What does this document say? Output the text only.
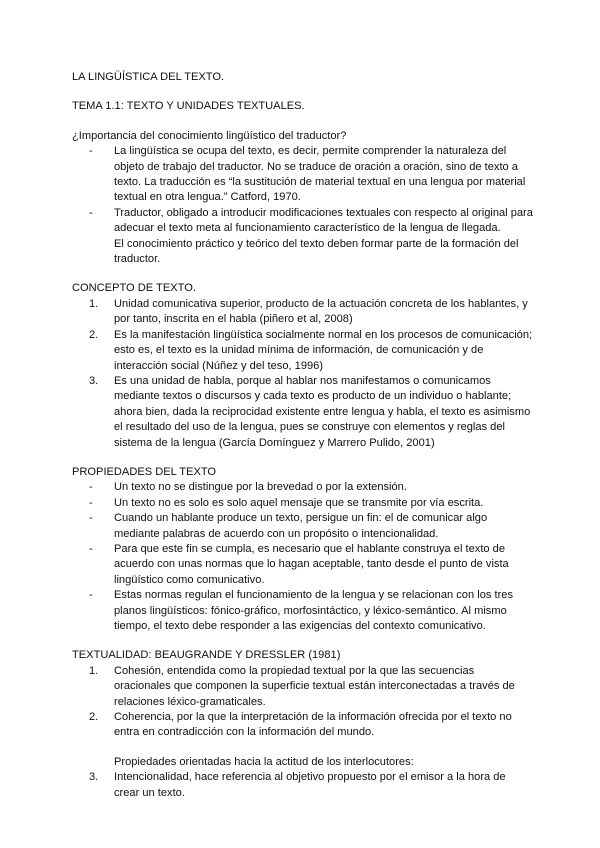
LA LINGÜÍSTICA DEL TEXTO.

TEMA 1.1: TEXTO Y UNIDADES TEXTUALES.

¿Importancia del conocimiento lingüístico del traductor?

- La lingüística se ocupa del texto, es decir, permite comprender la naturaleza del

objeto de trabajo del traductor. No se traduce de oración a oración, sino de texto a

texto. La traducción es “la sustitución de material textual en una lengua por material

textual en otra lengua.” Catford, 1970.

- Traductor, obligado a introducir modificaciones textuales con respecto al original para

adecuar el texto meta al funcionamiento característico de la lengua de llegada.

El conocimiento práctico y teórico del texto deben formar parte de la formación del

traductor.

CONCEPTO DE TEXTO.

1. Unidad comunicativa superior, producto de la actuación concreta de los hablantes, y

por tanto, inscrita en el habla (piñero et al, 2008)

2. Es la manifestación lingüística socialmente normal en los procesos de comunicación;

esto es, el texto es la unidad mínima de información, de comunicación y de

interacción social (Núñez y del teso, 1996)

3. Es una unidad de habla, porque al hablar nos manifestamos o comunicamos

mediante textos o discursos y cada texto es producto de un individuo o hablante;

ahora bien, dada la reciprocidad existente entre lengua y habla, el texto es asimismo

el resultado del uso de la lengua, pues se construye con elementos y reglas del

sistema de la lengua (García Domínguez y Marrero Pulido, 2001)

PROPIEDADES DEL TEXTO

- Un texto no se distingue por la brevedad o por la extensión.

- Un texto no es solo es solo aquel mensaje que se transmite por vía escrita.

- Cuando un hablante produce un texto, persigue un fin: el de comunicar algo

mediante palabras de acuerdo con un propósito o intencionalidad.

- Para que este fin se cumpla, es necesario que el hablante construya el texto de

acuerdo con unas normas que lo hagan aceptable, tanto desde el punto de vista

lingüístico como comunicativo.

- Estas normas regulan el funcionamiento de la lengua y se relacionan con los tres

planos lingüísticos: fónico-gráfico, morfosintáctico, y léxico-semántico. Al mismo

tiempo, el texto debe responder a las exigencias del contexto comunicativo.

TEXTUALIDAD: BEAUGRANDE Y DRESSLER (1981)

1. Cohesión, entendida como la propiedad textual por la que las secuencias

oracionales que componen la superficie textual están interconectadas a través de

relaciones léxico-gramaticales.

2. Coherencia, por la que la interpretación de la información ofrecida por el texto no

entra en contradicción con la información del mundo.

Propiedades orientadas hacia la actitud de los interlocutores:

3. Intencionalidad, hace referencia al objetivo propuesto por el emisor a la hora de

crear un texto.
